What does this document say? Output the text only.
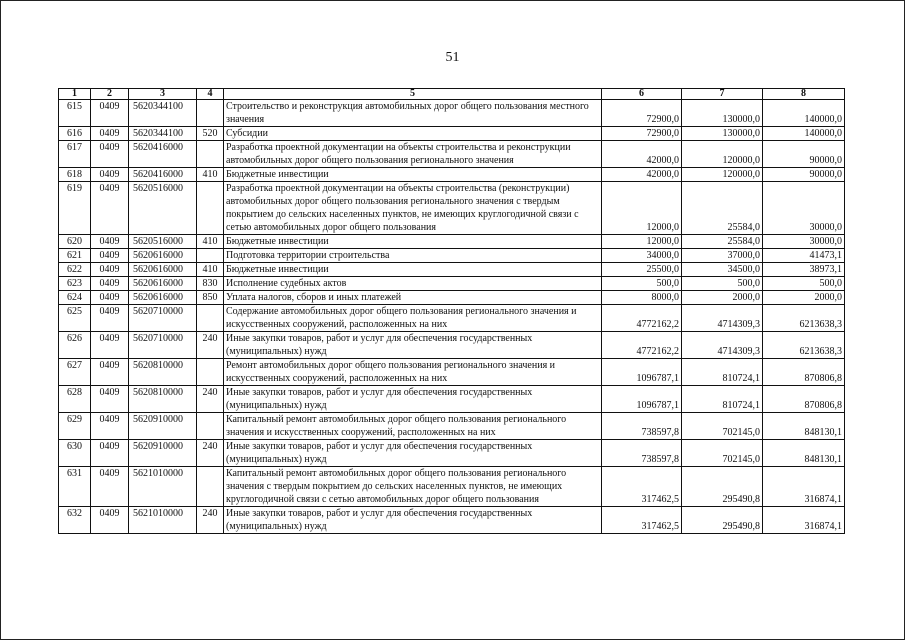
51
1	2	3	4	5	6	7	8
615	0409	5620344100		Строительство и реконструкция автомобильных дорог общего пользования местного значения	72900,0	130000,0	140000,0
616	0409	5620344100	520	Субсидии	72900,0	130000,0	140000,0
617	0409	5620416000		Разработка проектной документации на объекты строительства и реконструкции автомобильных дорог общего пользования регионального значения	42000,0	120000,0	90000,0
618	0409	5620416000	410	Бюджетные инвестиции	42000,0	120000,0	90000,0
619	0409	5620516000		Разработка проектной документации на объекты строительства (реконструкции) автомобильных дорог общего пользования регионального значения с твердым покрытием до сельских населенных пунктов, не имеющих круглогодичной связи с сетью автомобильных дорог общего пользования	12000,0	25584,0	30000,0
620	0409	5620516000	410	Бюджетные инвестиции	12000,0	25584,0	30000,0
621	0409	5620616000		Подготовка территории строительства	34000,0	37000,0	41473,1
622	0409	5620616000	410	Бюджетные инвестиции	25500,0	34500,0	38973,1
623	0409	5620616000	830	Исполнение судебных актов	500,0	500,0	500,0
624	0409	5620616000	850	Уплата налогов, сборов и иных платежей	8000,0	2000,0	2000,0
625	0409	5620710000		Содержание автомобильных дорог общего пользования регионального значения и искусственных сооружений, расположенных на них	4772162,2	4714309,3	6213638,3
626	0409	5620710000	240	Иные закупки товаров, работ и услуг для обеспечения государственных (муниципальных) нужд	4772162,2	4714309,3	6213638,3
627	0409	5620810000		Ремонт автомобильных дорог общего пользования регионального значения и искусственных сооружений, расположенных на них	1096787,1	810724,1	870806,8
628	0409	5620810000	240	Иные закупки товаров, работ и услуг для обеспечения государственных (муниципальных) нужд	1096787,1	810724,1	870806,8
629	0409	5620910000		Капитальный ремонт автомобильных дорог общего пользования регионального значения и искусственных сооружений, расположенных на них	738597,8	702145,0	848130,1
630	0409	5620910000	240	Иные закупки товаров, работ и услуг для обеспечения государственных (муниципальных) нужд	738597,8	702145,0	848130,1
631	0409	5621010000		Капитальный ремонт автомобильных дорог общего пользования регионального значения с твердым покрытием до сельских населенных пунктов, не имеющих круглогодичной связи с сетью автомобильных дорог общего пользования	317462,5	295490,8	316874,1
632	0409	5621010000	240	Иные закупки товаров, работ и услуг для обеспечения государственных (муниципальных) нужд	317462,5	295490,8	316874,1
